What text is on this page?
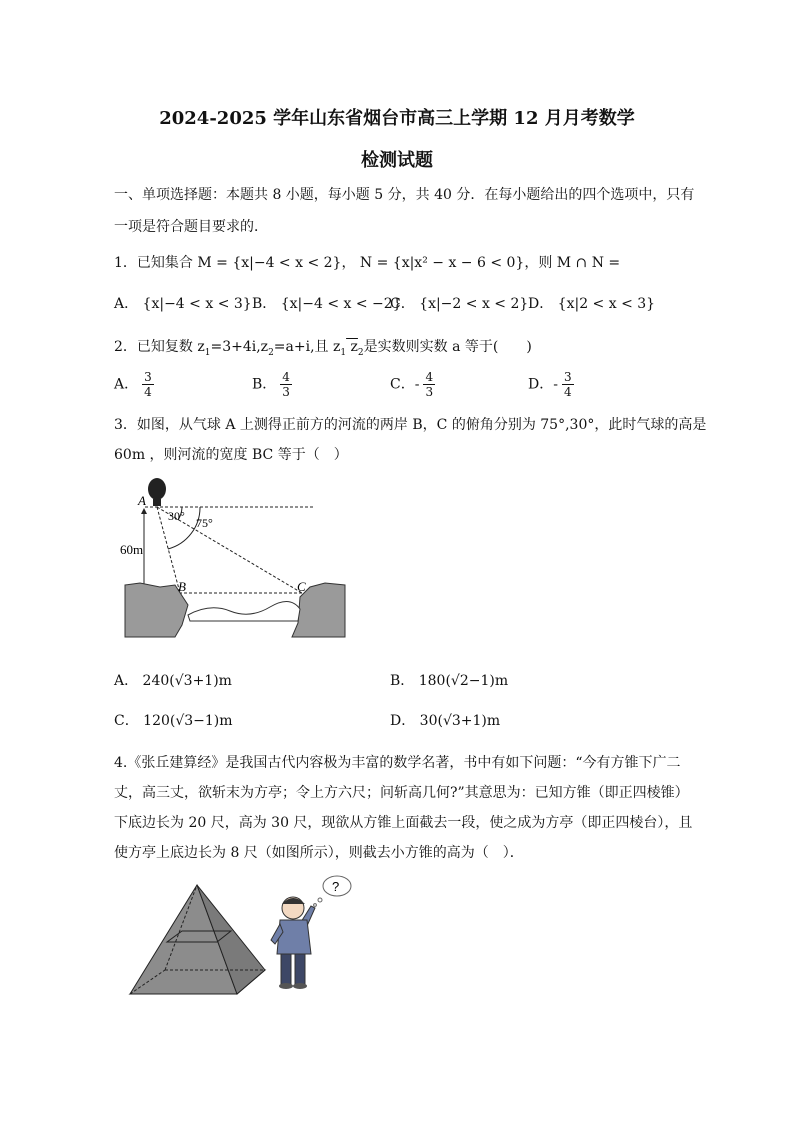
2024-2025 学年山东省烟台市高三上学期 12 月月考数学
检测试题
一、单项选择题：本题共 8 小题，每小题 5 分，共 40 分．在每小题给出的四个选项中，只有
一项是符合题目要求的．
1．已知集合 M = {x|−4 < x < 2}， N = {x|x² − x − 6 < 0}，则 M ∩ N =
A． {x|−4 < x < 3} B． {x|−4 < x < −2}
C． {x|−2 < x < 2} D． {x|2 < x < 3}
2．已知复数 $z_1=3+4i,z_2=a+i$,且 $z_1$ $z_2$是实数则实数 a 等于(　　)
A． $\frac{3}{4}$	B． $\frac{4}{3}$	C．- $\frac{4}{3}$	D．- $\frac{3}{4}$
3．如图，从气球 A 上测得正前方的河流的两岸 B，C 的俯角分别为 75°,30°，此时气球的高是
60m ，则河流的宽度 BC 等于（　）
A
B	C
60m
30° 75°
A． 240(√3+1)m	B． 180(√2−1)m
C． 120(√3−1)m	D． 30(√3+1)m
4.《张丘建算经》是我国古代内容极为丰富的数学名著，书中有如下问题：“今有方锥下广二
丈，高三丈，欲斩末为方亭；令上方六尺；问斩高几何?”其意思为：已知方锥（即正四棱锥）
下底边长为 20 尺，高为 30 尺，现欲从方锥上面截去一段，使之成为方亭（即正四棱台），且
使方亭上底边长为 8 尺（如图所示），则截去小方锥的高为（　）．
?
